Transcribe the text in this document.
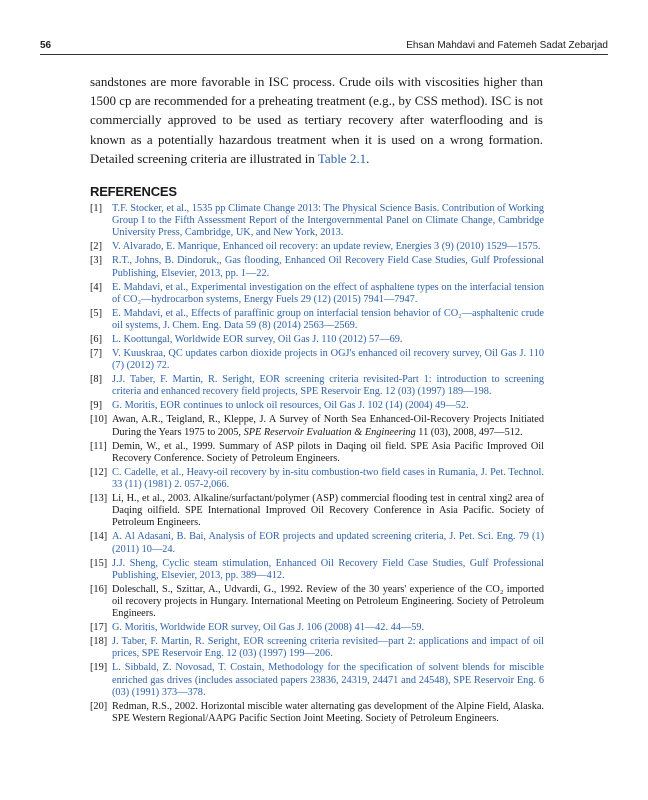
56	Ehsan Mahdavi and Fatemeh Sadat Zebarjad
sandstones are more favorable in ISC process. Crude oils with viscosities higher than 1500 cp are recommended for a preheating treatment (e.g., by CSS method). ISC is not commercially approved to be used as tertiary recovery after waterflooding and is known as a potentially hazardous treatment when it is used on a wrong formation. Detailed screening criteria are illustrated in Table 2.1.
REFERENCES
[1] T.F. Stocker, et al., 1535 pp Climate Change 2013: The Physical Science Basis. Contribution of Working Group I to the Fifth Assessment Report of the Intergovernmental Panel on Climate Change, Cambridge University Press, Cambridge, UK, and New York, 2013.
[2] V. Alvarado, E. Manrique, Enhanced oil recovery: an update review, Energies 3 (9) (2010) 1529—1575.
[3] R.T., Johns, B. Dindoruk,, Gas flooding, Enhanced Oil Recovery Field Case Studies, Gulf Professional Publishing, Elsevier, 2013, pp. 1—22.
[4] E. Mahdavi, et al., Experimental investigation on the effect of asphaltene types on the interfacial tension of CO₂—hydrocarbon systems, Energy Fuels 29 (12) (2015) 7941—7947.
[5] E. Mahdavi, et al., Effects of paraffinic group on interfacial tension behavior of CO₂—asphaltenic crude oil systems, J. Chem. Eng. Data 59 (8) (2014) 2563—2569.
[6] L. Koottungal, Worldwide EOR survey, Oil Gas J. 110 (2012) 57—69.
[7] V. Kuuskraa, QC updates carbon dioxide projects in OGJ's enhanced oil recovery survey, Oil Gas J. 110 (7) (2012) 72.
[8] J.J. Taber, F. Martin, R. Seright, EOR screening criteria revisited-Part 1: introduction to screening criteria and enhanced recovery field projects, SPE Reservoir Eng. 12 (03) (1997) 189—198.
[9] G. Moritis, EOR continues to unlock oil resources, Oil Gas J. 102 (14) (2004) 49—52.
[10] Awan, A.R., Teigland, R., Kleppe, J. A Survey of North Sea Enhanced-Oil-Recovery Projects Initiated During the Years 1975 to 2005, SPE Reservoir Evaluation & Engineering 11 (03), 2008, 497—512.
[11] Demin, W., et al., 1999. Summary of ASP pilots in Daqing oil field. SPE Asia Pacific Improved Oil Recovery Conference. Society of Petroleum Engineers.
[12] C. Cadelle, et al., Heavy-oil recovery by in-situ combustion-two field cases in Rumania, J. Pet. Technol. 33 (11) (1981) 2. 057-2,066.
[13] Li, H., et al., 2003. Alkaline/surfactant/polymer (ASP) commercial flooding test in central xing2 area of Daqing oilfield. SPE International Improved Oil Recovery Conference in Asia Pacific. Society of Petroleum Engineers.
[14] A. Al Adasani, B. Bai, Analysis of EOR projects and updated screening criteria, J. Pet. Sci. Eng. 79 (1) (2011) 10—24.
[15] J.J. Sheng, Cyclic steam stimulation, Enhanced Oil Recovery Field Case Studies, Gulf Professional Publishing, Elsevier, 2013, pp. 389—412.
[16] Doleschall, S., Szittar, A., Udvardi, G., 1992. Review of the 30 years' experience of the CO₂ imported oil recovery projects in Hungary. International Meeting on Petroleum Engineering. Society of Petroleum Engineers.
[17] G. Moritis, Worldwide EOR survey, Oil Gas J. 106 (2008) 41—42. 44—59.
[18] J. Taber, F. Martin, R. Seright, EOR screening criteria revisited—part 2: applications and impact of oil prices, SPE Reservoir Eng. 12 (03) (1997) 199—206.
[19] L. Sibbald, Z. Novosad, T. Costain, Methodology for the specification of solvent blends for miscible enriched gas drives (includes associated papers 23836, 24319, 24471 and 24548), SPE Reservoir Eng. 6 (03) (1991) 373—378.
[20] Redman, R.S., 2002. Horizontal miscible water alternating gas development of the Alpine Field, Alaska. SPE Western Regional/AAPG Pacific Section Joint Meeting. Society of Petroleum Engineers.
